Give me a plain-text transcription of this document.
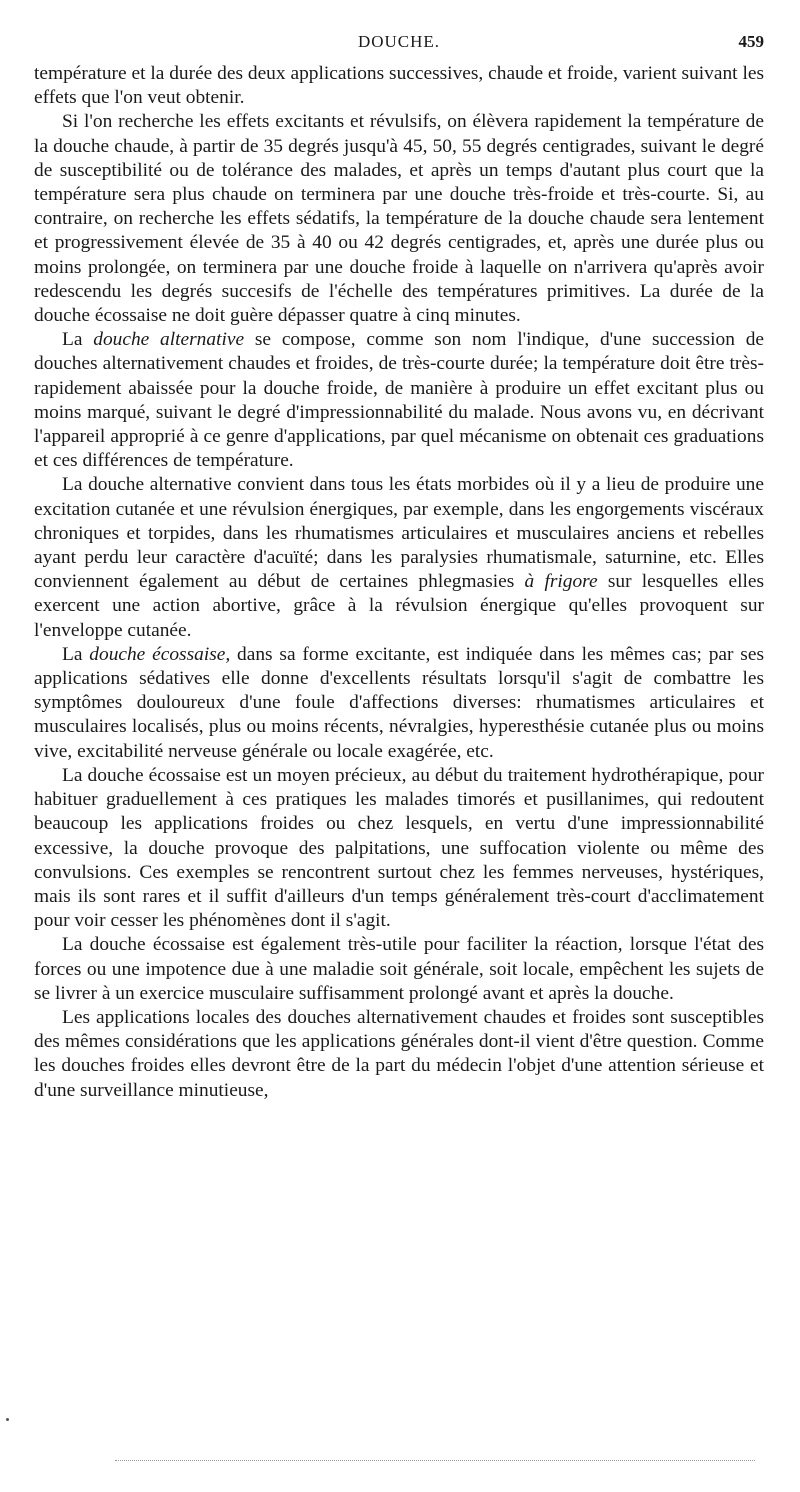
DOUCHE.	459

température et la durée des deux applications successives, chaude et froide, varient suivant les effets que l'on veut obtenir.

Si l'on recherche les effets excitants et révulsifs, on élèvera rapidement la température de la douche chaude, à partir de 35 degrés jusqu'à 45, 50, 55 degrés centigrades, suivant le degré de susceptibilité ou de tolérance des malades, et après un temps d'autant plus court que la température sera plus chaude on terminera par une douche très-froide et très-courte. Si, au contraire, on recherche les effets sédatifs, la température de la douche chaude sera lentement et progressivement élevée de 35 à 40 ou 42 degrés centigrades, et, après une durée plus ou moins prolongée, on terminera par une douche froide à laquelle on n'arrivera qu'après avoir redescendu les degrés succesifs de l'échelle des températures primitives. La durée de la douche écossaise ne doit guère dépasser quatre à cinq minutes.

La douche alternative se compose, comme son nom l'indique, d'une succession de douches alternativement chaudes et froides, de très-courte durée; la température doit être très-rapidement abaissée pour la douche froide, de manière à produire un effet excitant plus ou moins marqué, suivant le degré d'impressionnabilité du malade. Nous avons vu, en décrivant l'appareil approprié à ce genre d'applications, par quel mécanisme on obtenait ces graduations et ces différences de température.

La douche alternative convient dans tous les états morbides où il y a lieu de produire une excitation cutanée et une révulsion énergiques, par exemple, dans les engorgements viscéraux chroniques et torpides, dans les rhumatismes articulaires et musculaires anciens et rebelles ayant perdu leur caractère d'acuïté; dans les paralysies rhumatismale, saturnine, etc. Elles conviennent également au début de certaines phlegmasies à frigore sur lesquelles elles exercent une action abortive, grâce à la révulsion énergique qu'elles provoquent sur l'enveloppe cutanée.

La douche écossaise, dans sa forme excitante, est indiquée dans les mêmes cas; par ses applications sédatives elle donne d'excellents résultats lorsqu'il s'agit de combattre les symptômes douloureux d'une foule d'affections diverses: rhumatismes articulaires et musculaires localisés, plus ou moins récents, névralgies, hyperesthésie cutanée plus ou moins vive, excitabilité nerveuse générale ou locale exagérée, etc.

La douche écossaise est un moyen précieux, au début du traitement hydrothérapique, pour habituer graduellement à ces pratiques les malades timorés et pusillanimes, qui redoutent beaucoup les applications froides ou chez lesquels, en vertu d'une impressionnabilité excessive, la douche provoque des palpitations, une suffocation violente ou même des convulsions. Ces exemples se rencontrent surtout chez les femmes nerveuses, hystériques, mais ils sont rares et il suffit d'ailleurs d'un temps généralement très-court d'acclimatement pour voir cesser les phénomènes dont il s'agit.

La douche écossaise est également très-utile pour faciliter la réaction, lorsque l'état des forces ou une impotence due à une maladie soit générale, soit locale, empêchent les sujets de se livrer à un exercice musculaire suffisamment prolongé avant et après la douche.

Les applications locales des douches alternativement chaudes et froides sont susceptibles des mêmes considérations que les applications générales dont-il vient d'être question. Comme les douches froides elles devront être de la part du médecin l'objet d'une attention sérieuse et d'une surveillance minutieuse,
